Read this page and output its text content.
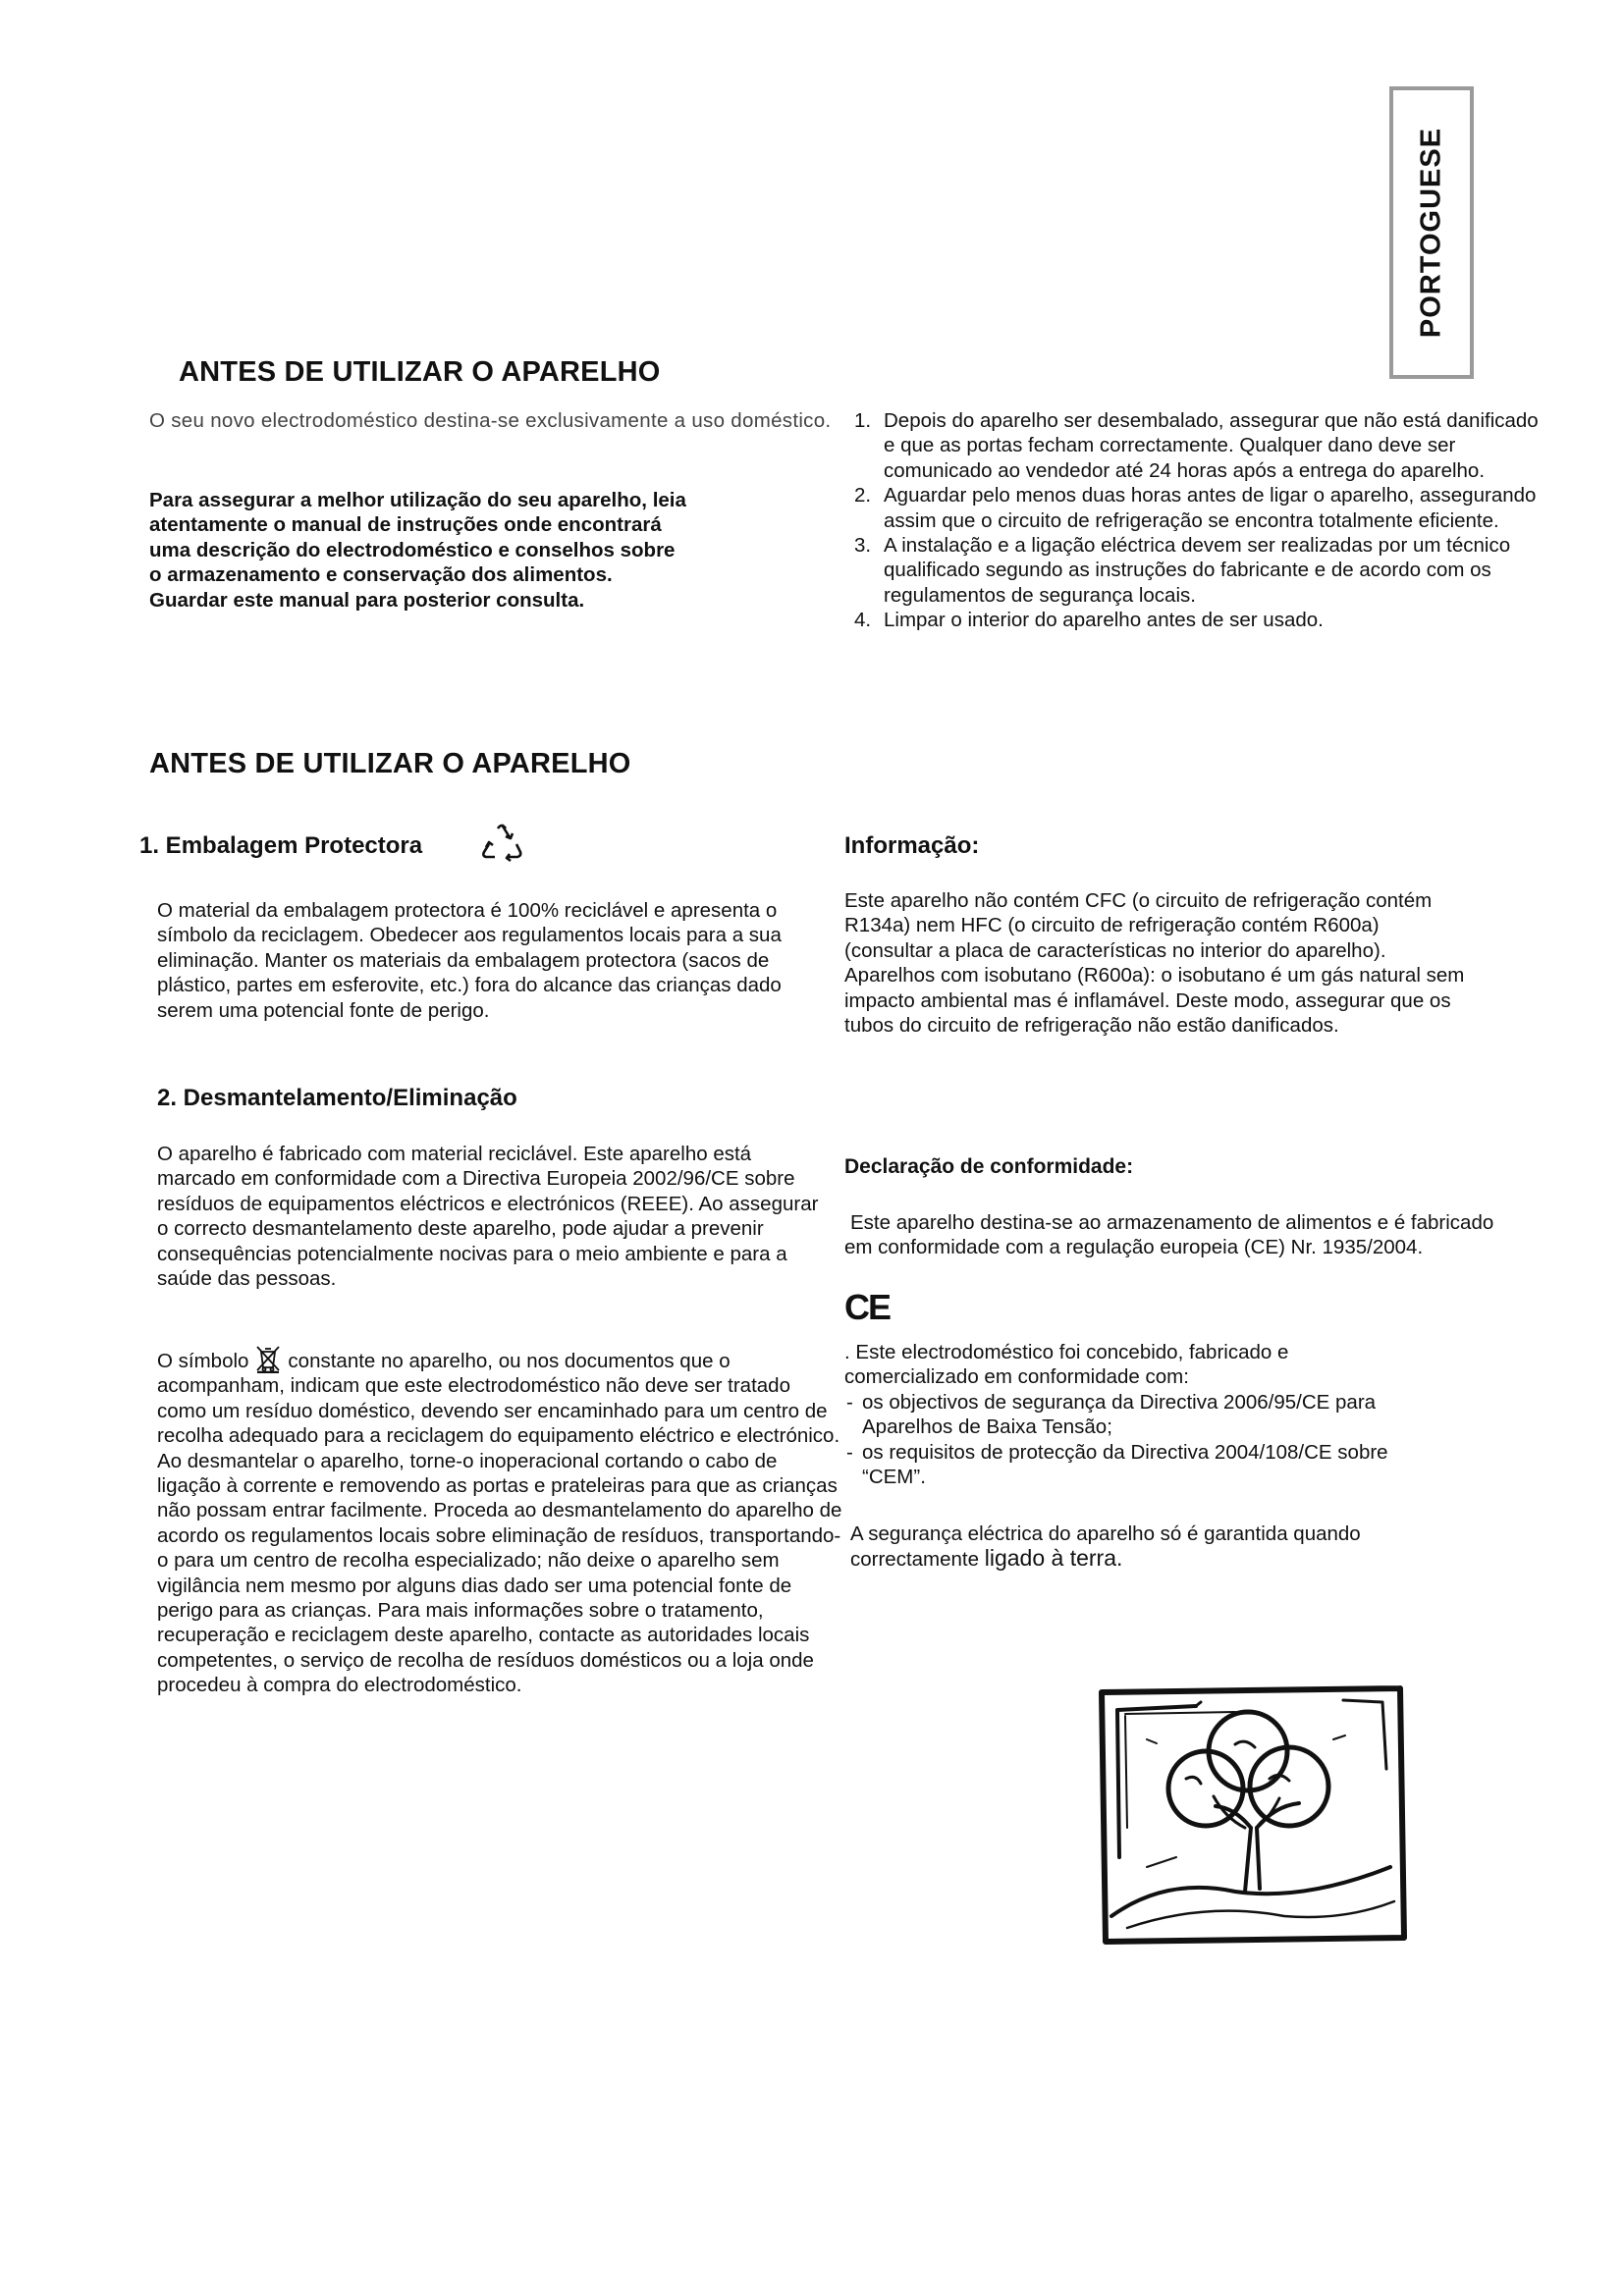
PORTOGUESE
ANTES DE UTILIZAR O APARELHO

O seu novo electrodoméstico destina-se exclusivamente a uso doméstico.

Para assegurar a melhor utilização do seu aparelho, leia
atentamente o manual de instruções onde encontrará
uma descrição do electrodoméstico e conselhos sobre
o armazenamento e conservação dos alimentos.
Guardar este manual para posterior consulta.
1. Depois do aparelho ser desembalado, assegurar que não está danificado e que as portas fecham correctamente. Qualquer dano deve ser comunicado ao vendedor até 24 horas após a entrega do aparelho.
2. Aguardar pelo menos duas horas antes de ligar o aparelho, assegurando assim que o circuito de refrigeração se encontra totalmente eficiente.
3. A instalação e a ligação eléctrica devem ser realizadas por um técnico qualificado segundo as instruções do fabricante e de acordo com os regulamentos de segurança locais.
4. Limpar o interior do aparelho antes de ser usado.
ANTES DE UTILIZAR O APARELHO
1. Embalagem Protectora

O material da embalagem protectora é 100% reciclável e apresenta o símbolo da reciclagem. Obedecer aos regulamentos locais para a sua eliminação. Manter os materiais da embalagem protectora (sacos de plástico, partes em esferovite, etc.) fora do alcance das crianças dado serem uma potencial fonte de perigo.

2. Desmantelamento/Eliminação

O aparelho é fabricado com material reciclável. Este aparelho está marcado em conformidade com a Directiva Europeia 2002/96/CE sobre resíduos de equipamentos eléctricos e electrónicos (REEE). Ao assegurar o correcto desmantelamento deste aparelho, pode ajudar a prevenir consequências potencialmente nocivas para o meio ambiente e para a saúde das pessoas.

O símbolo constante no aparelho, ou nos documentos que o acompanham, indicam que este electrodoméstico não deve ser tratado como um resíduo doméstico, devendo ser encaminhado para um centro de recolha adequado para a reciclagem do equipamento eléctrico e electrónico. Ao desmantelar o aparelho, torne-o inoperacional cortando o cabo de ligação à corrente e removendo as portas e prateleiras para que as crianças não possam entrar facilmente. Proceda ao desmantelamento do aparelho de acordo os regulamentos locais sobre eliminação de resíduos, transportando-o para um centro de recolha especializado; não deixe o aparelho sem vigilância nem mesmo por alguns dias dado ser uma potencial fonte de perigo para as crianças. Para mais informações sobre o tratamento, recuperação e reciclagem deste aparelho, contacte as autoridades locais competentes, o serviço de recolha de resíduos domésticos ou a loja onde procedeu à compra do electrodoméstico.

Informação:

Este aparelho não contém CFC (o circuito de refrigeração contém R134a) nem HFC (o circuito de refrigeração contém R600a) (consultar a placa de características no interior do aparelho). Aparelhos com isobutano (R600a): o isobutano é um gás natural sem impacto ambiental mas é inflamável. Deste modo, assegurar que os tubos do circuito de refrigeração não estão danificados.

Declaração de conformidade:

Este aparelho destina-se ao armazenamento de alimentos e é fabricado em conformidade com a regulação europeia (CE) Nr. 1935/2004.

CE

. Este electrodoméstico foi concebido, fabricado e comercializado em conformidade com:

- os objectivos de segurança da Directiva 2006/95/CE para Aparelhos de Baixa Tensão;
- os requisitos de protecção da Directiva 2004/108/CE sobre “CEM”.

A segurança eléctrica do aparelho só é garantida quando correctamente ligado à terra.
